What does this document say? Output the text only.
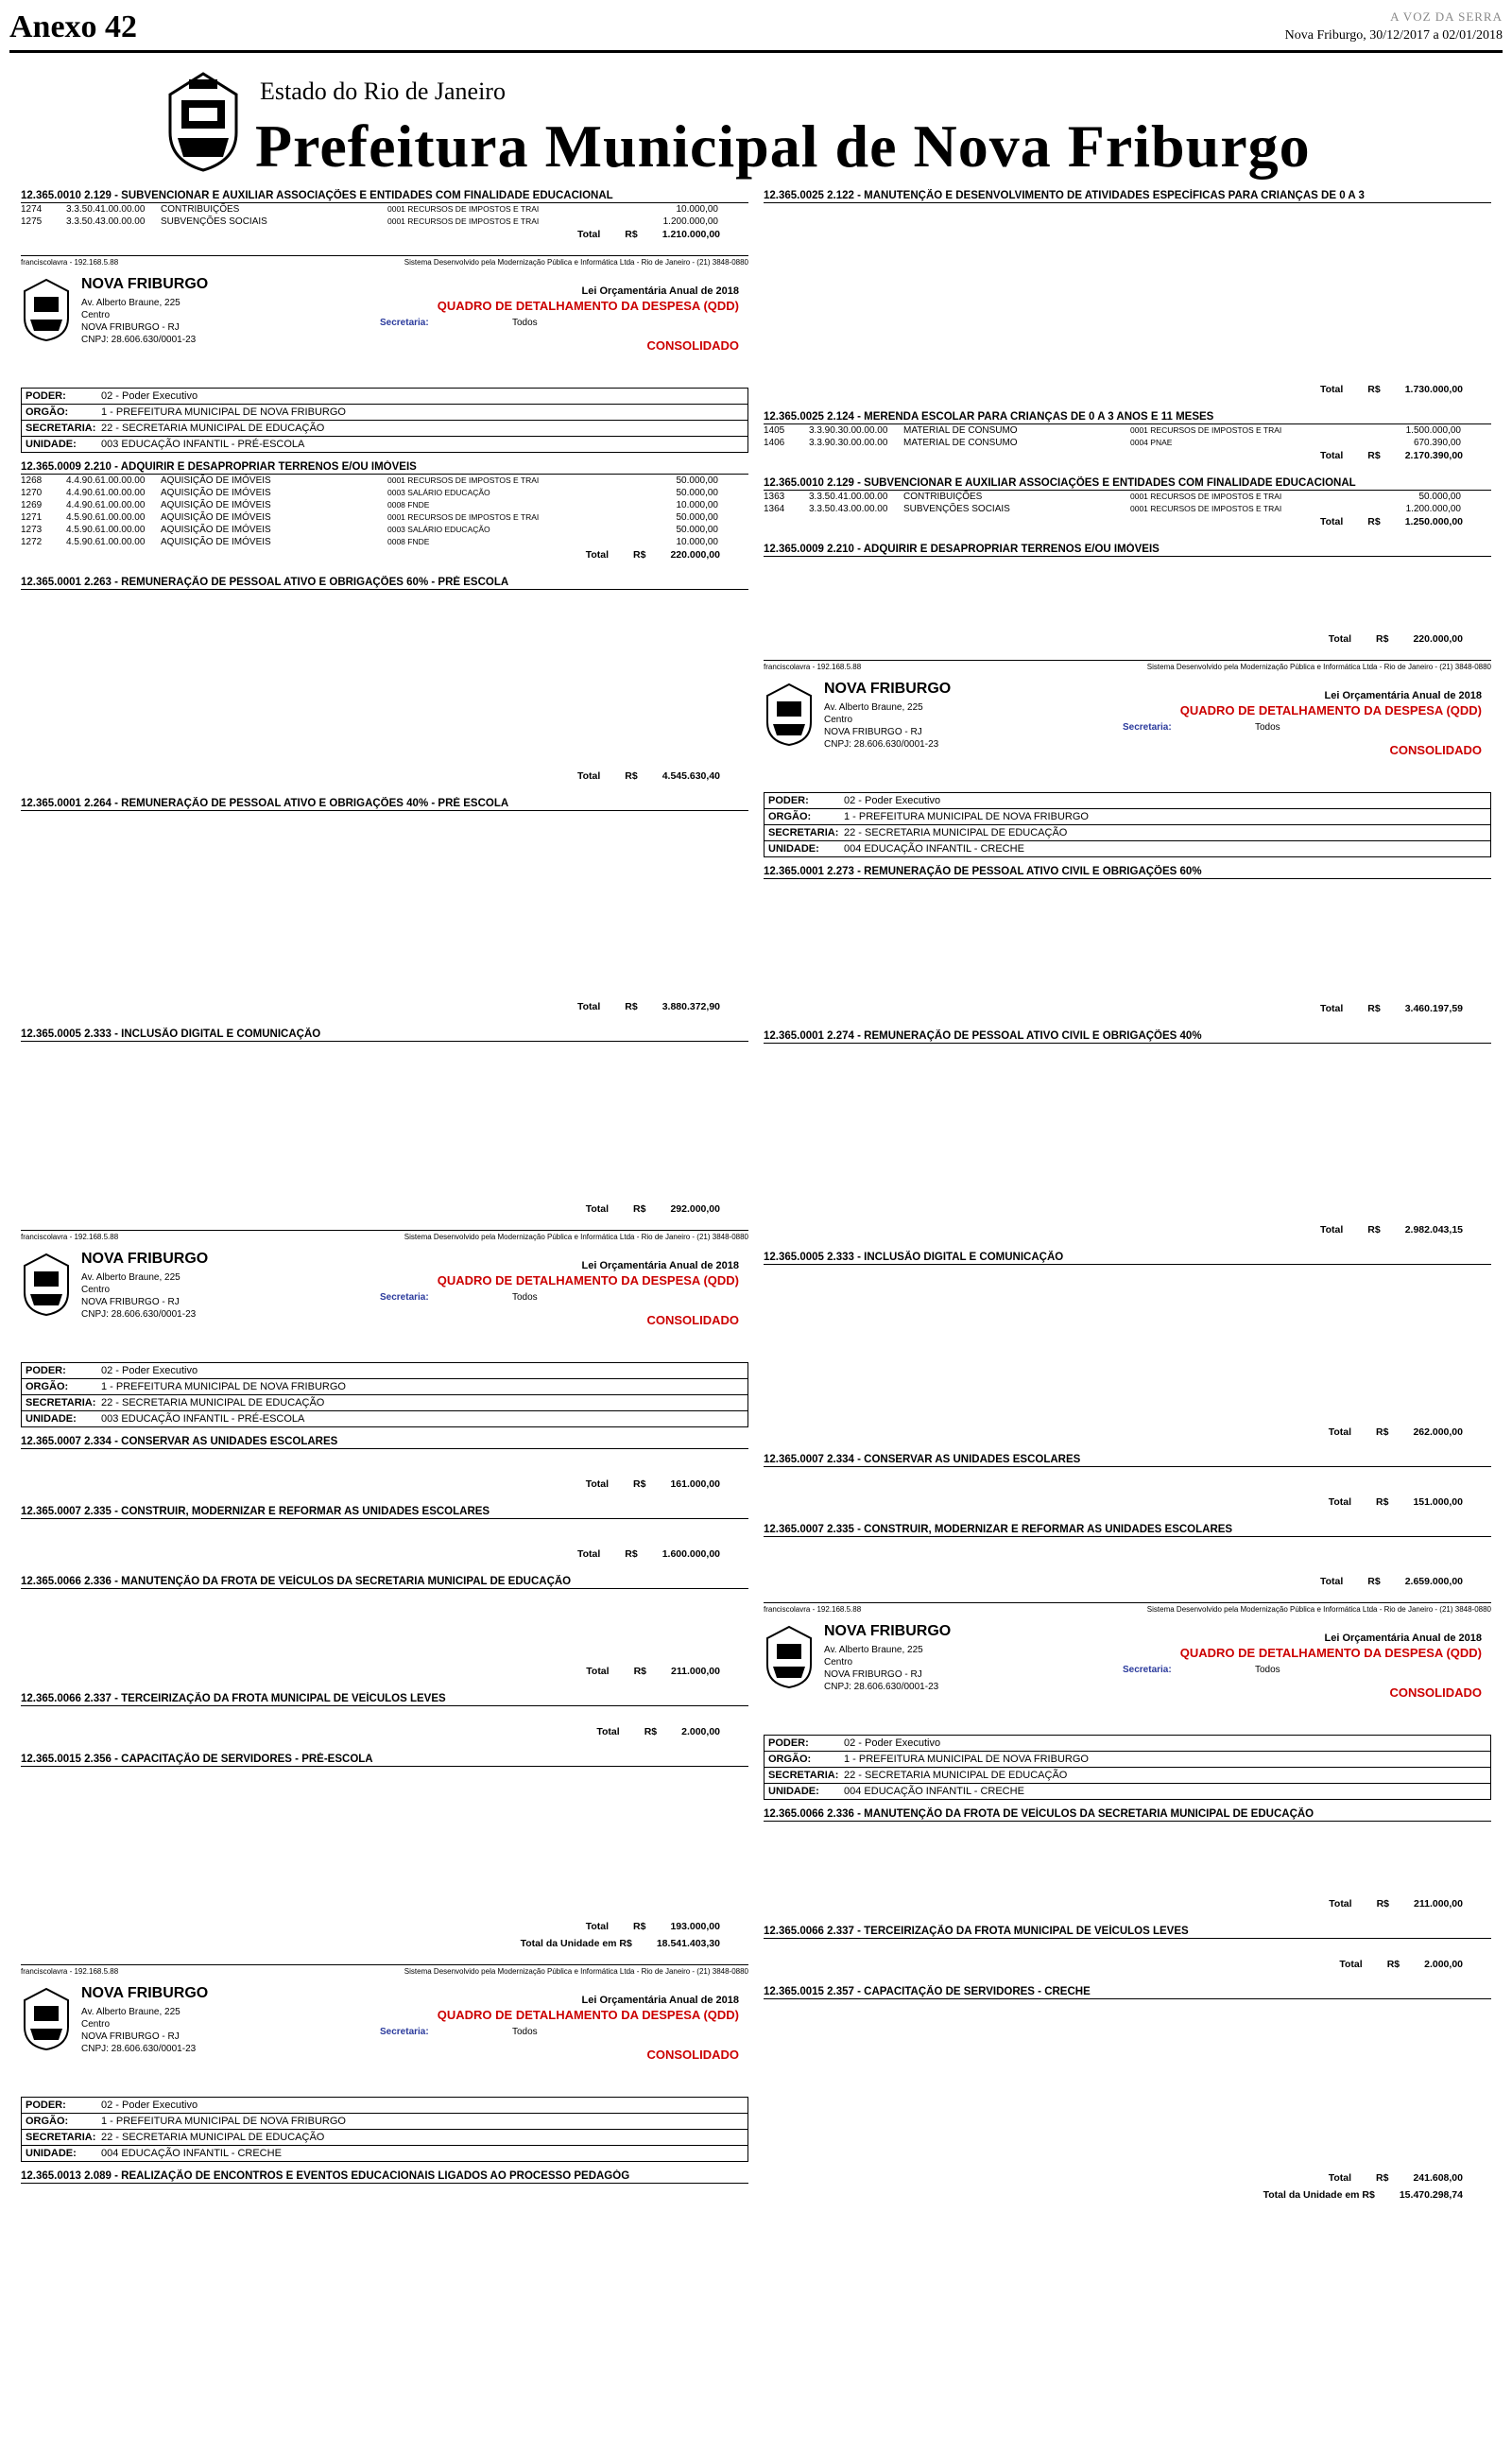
Anexo 42	A VOZ DA SERRA
Nova Friburgo, 30/12/2017 a 02/01/2018
Estado do Rio de Janeiro
Prefeitura Municipal de Nova Friburgo
12.365.0010 2.129 - SUBVENCIONAR E AUXILIAR ASSOCIAÇÕES E ENTIDADES COM FINALIDADE EDUCACIONAL
1274	3.3.50.41.00.00.00	CONTRIBUIÇÕES	0001 RECURSOS DE IMPOSTOS E TRAI	10.000,00
1275	3.3.50.43.00.00.00	SUBVENÇÕES SOCIAIS	0001 RECURSOS DE IMPOSTOS E TRAI	1.200.000,00
Total R$ 1.210.000,00
franciscolavra - 192.168.5.88	Sistema Desenvolvido pela Modernização Pública e Informática Ltda - Rio de Janeiro - (21) 3848-0880
NOVA FRIBURGO
Av. Alberto Braune, 225
Centro
NOVA FRIBURGO - RJ
CNPJ: 28.606.630/0001-23
Lei Orçamentária Anual de 2018
QUADRO DE DETALHAMENTO DA DESPESA (QDD)
Secretaria:	Todos
CONSOLIDADO
PODER:	02 - Poder Executivo
ORGÃO:	1 - PREFEITURA MUNICIPAL DE NOVA FRIBURGO
SECRETARIA: 22 - SECRETARIA MUNICIPAL DE EDUCAÇÃO
UNIDADE:	003 EDUCAÇÃO INFANTIL - PRÉ-ESCOLA
12.365.0009 2.210 - ADQUIRIR E DESAPROPRIAR TERRENOS E/OU IMÓVEIS
1268	4.4.90.61.00.00.00	AQUISIÇÃO DE IMÓVEIS	0001 RECURSOS DE IMPOSTOS E TRAI	50.000,00
1270	4.4.90.61.00.00.00	AQUISIÇÃO DE IMÓVEIS	0003 SALÁRIO EDUCAÇÃO	50.000,00
1269	4.4.90.61.00.00.00	AQUISIÇÃO DE IMÓVEIS	0008 FNDE	10.000,00
1271	4.5.90.61.00.00.00	AQUISIÇÃO DE IMÓVEIS	0001 RECURSOS DE IMPOSTOS E TRAI	50.000,00
1273	4.5.90.61.00.00.00	AQUISIÇÃO DE IMÓVEIS	0003 SALÁRIO EDUCAÇÃO	50.000,00
1272	4.5.90.61.00.00.00	AQUISIÇÃO DE IMÓVEIS	0008 FNDE	10.000,00
Total R$ 220.000,00
12.365.0001 2.263 - REMUNERAÇÃO DE PESSOAL ATIVO E OBRIGAÇÕES 60% - PRÉ ESCOLA
Total R$ 4.545.630,40
12.365.0001 2.264 - REMUNERAÇÃO DE PESSOAL ATIVO E OBRIGAÇÕES 40% - PRÉ ESCOLA
Total R$ 3.880.372,90
12.365.0005 2.333 - INCLUSÃO DIGITAL E COMUNICAÇÃO
Total R$ 292.000,00
franciscolavra - 192.168.5.88	Sistema Desenvolvido pela Modernização Pública e Informática Ltda - Rio de Janeiro - (21) 3848-0880
NOVA FRIBURGO
Av. Alberto Braune, 225
Centro
NOVA FRIBURGO - RJ
CNPJ: 28.606.630/0001-23
Lei Orçamentária Anual de 2018
QUADRO DE DETALHAMENTO DA DESPESA (QDD)
Secretaria:	Todos
CONSOLIDADO
PODER:	02 - Poder Executivo
ORGÃO:	1 - PREFEITURA MUNICIPAL DE NOVA FRIBURGO
SECRETARIA: 22 - SECRETARIA MUNICIPAL DE EDUCAÇÃO
UNIDADE:	003 EDUCAÇÃO INFANTIL - PRÉ-ESCOLA
12.365.0007 2.334 - CONSERVAR AS UNIDADES ESCOLARES
Total R$ 161.000,00
12.365.0007 2.335 - CONSTRUIR, MODERNIZAR E REFORMAR AS UNIDADES ESCOLARES
Total R$ 1.600.000,00
12.365.0066 2.336 - MANUTENÇÃO DA FROTA DE VEÍCULOS DA SECRETARIA MUNICIPAL DE EDUCAÇÃO
Total R$ 211.000,00
12.365.0066 2.337 - TERCEIRIZAÇÃO DA FROTA MUNICIPAL DE VEÍCULOS LEVES
Total R$ 2.000,00
12.365.0015 2.356 - CAPACITAÇÃO DE SERVIDORES - PRÉ-ESCOLA
Total R$ 193.000,00
Total da Unidade em R$ 18.541.403,30
franciscolavra - 192.168.5.88	Sistema Desenvolvido pela Modernização Pública e Informática Ltda - Rio de Janeiro - (21) 3848-0880
NOVA FRIBURGO
Av. Alberto Braune, 225
Centro
NOVA FRIBURGO - RJ
CNPJ: 28.606.630/0001-23
Lei Orçamentária Anual de 2018
QUADRO DE DETALHAMENTO DA DESPESA (QDD)
Secretaria:	Todos
CONSOLIDADO
PODER:	02 - Poder Executivo
ORGÃO:	1 - PREFEITURA MUNICIPAL DE NOVA FRIBURGO
SECRETARIA: 22 - SECRETARIA MUNICIPAL DE EDUCAÇÃO
UNIDADE:	004 EDUCAÇÃO INFANTIL - CRECHE
12.365.0013 2.089 - REALIZAÇÃO DE ENCONTROS E EVENTOS EDUCACIONAIS LIGADOS AO PROCESSO PEDAGÓG
12.365.0025 2.122 - MANUTENÇÃO E DESENVOLVIMENTO DE ATIVIDADES ESPECÍFICAS PARA CRIANÇAS DE 0 A 3
Total R$ 1.730.000,00
12.365.0025 2.124 - MERENDA ESCOLAR PARA CRIANÇAS DE 0 A 3 ANOS E 11 MESES
1405	3.3.90.30.00.00.00	MATERIAL DE CONSUMO	0001 RECURSOS DE IMPOSTOS E TRAI	1.500.000,00
1406	3.3.90.30.00.00.00	MATERIAL DE CONSUMO	0004 PNAE	670.390,00
Total R$ 2.170.390,00
12.365.0010 2.129 - SUBVENCIONAR E AUXILIAR ASSOCIAÇÕES E ENTIDADES COM FINALIDADE EDUCACIONAL
1363	3.3.50.41.00.00.00	CONTRIBUIÇÕES	0001 RECURSOS DE IMPOSTOS E TRAI	50.000,00
1364	3.3.50.43.00.00.00	SUBVENÇÕES SOCIAIS	0001 RECURSOS DE IMPOSTOS E TRAI	1.200.000,00
Total R$ 1.250.000,00
12.365.0009 2.210 - ADQUIRIR E DESAPROPRIAR TERRENOS E/OU IMÓVEIS
Total R$ 220.000,00
franciscolavra - 192.168.5.88	Sistema Desenvolvido pela Modernização Pública e Informática Ltda - Rio de Janeiro - (21) 3848-0880
NOVA FRIBURGO
Av. Alberto Braune, 225
Centro
NOVA FRIBURGO - RJ
CNPJ: 28.606.630/0001-23
Lei Orçamentária Anual de 2018
QUADRO DE DETALHAMENTO DA DESPESA (QDD)
Secretaria:	Todos
CONSOLIDADO
PODER:	02 - Poder Executivo
ORGÃO:	1 - PREFEITURA MUNICIPAL DE NOVA FRIBURGO
SECRETARIA: 22 - SECRETARIA MUNICIPAL DE EDUCAÇÃO
UNIDADE:	004 EDUCAÇÃO INFANTIL - CRECHE
12.365.0001 2.273 - REMUNERAÇÃO DE PESSOAL ATIVO CIVIL E OBRIGAÇÕES 60%
Total R$ 3.460.197,59
12.365.0001 2.274 - REMUNERAÇÃO DE PESSOAL ATIVO CIVIL E OBRIGAÇÕES 40%
Total R$ 2.982.043,15
12.365.0005 2.333 - INCLUSÃO DIGITAL E COMUNICAÇÃO
Total R$ 262.000,00
12.365.0007 2.334 - CONSERVAR AS UNIDADES ESCOLARES
Total R$ 151.000,00
12.365.0007 2.335 - CONSTRUIR, MODERNIZAR E REFORMAR AS UNIDADES ESCOLARES
Total R$ 2.659.000,00
franciscolavra - 192.168.5.88	Sistema Desenvolvido pela Modernização Pública e Informática Ltda - Rio de Janeiro - (21) 3848-0880
NOVA FRIBURGO
Av. Alberto Braune, 225
Centro
NOVA FRIBURGO - RJ
CNPJ: 28.606.630/0001-23
Lei Orçamentária Anual de 2018
QUADRO DE DETALHAMENTO DA DESPESA (QDD)
Secretaria:	Todos
CONSOLIDADO
PODER:	02 - Poder Executivo
ORGÃO:	1 - PREFEITURA MUNICIPAL DE NOVA FRIBURGO
SECRETARIA: 22 - SECRETARIA MUNICIPAL DE EDUCAÇÃO
UNIDADE:	004 EDUCAÇÃO INFANTIL - CRECHE
12.365.0066 2.336 - MANUTENÇÃO DA FROTA DE VEÍCULOS DA SECRETARIA MUNICIPAL DE EDUCAÇÃO
Total R$ 211.000,00
12.365.0066 2.337 - TERCEIRIZAÇÃO DA FROTA MUNICIPAL DE VEÍCULOS LEVES
Total R$ 2.000,00
12.365.0015 2.357 - CAPACITAÇÃO DE SERVIDORES - CRECHE
Total R$ 241.608,00
Total da Unidade em R$ 15.470.298,74
